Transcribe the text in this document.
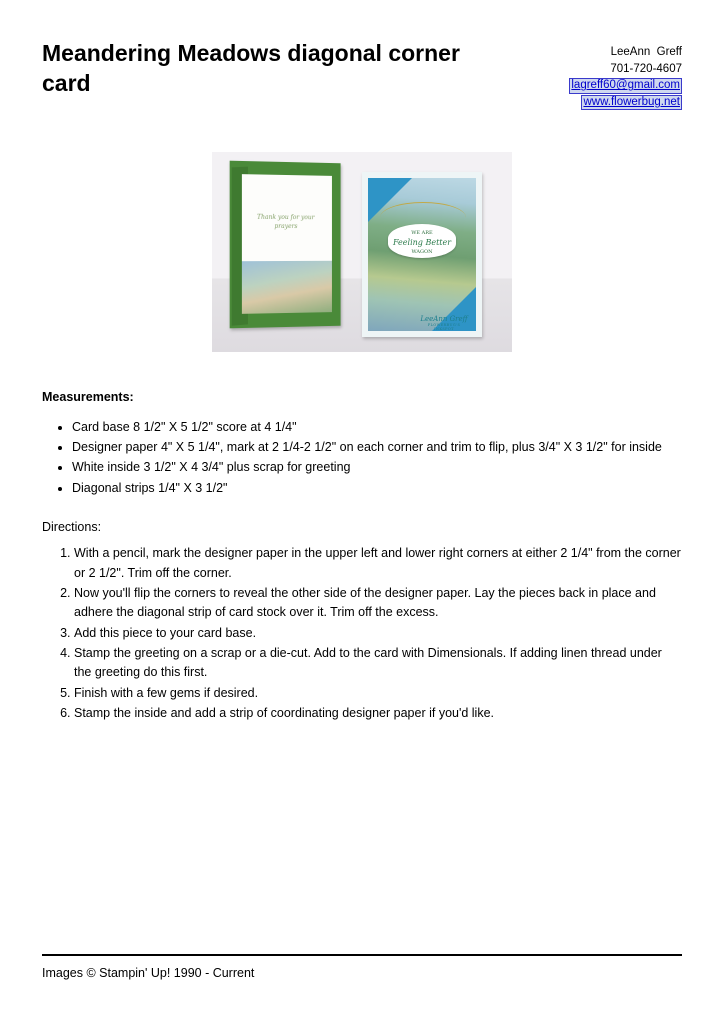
Meandering Meadows diagonal corner card
LeeAnn  Greff
701-720-4607
lagreff60@gmail.com
www.flowerbug.net
Thank you for your prayers
WE ARE
Feeling Better
WAGON
LeeAnn Greff
FLOWERBUG'S INKSPOT
Measurements:
• Card base 8 1/2" X 5 1/2" score at 4 1/4"
• Designer paper 4" X 5 1/4", mark at 2 1/4-2 1/2" on each corner and trim to flip, plus 3/4" X 3 1/2" for inside
• White inside 3 1/2" X 4 3/4" plus scrap for greeting
• Diagonal strips 1/4" X 3 1/2"
Directions:
1. With a pencil, mark the designer paper in the upper left and lower right corners at either 2 1/4" from the corner or 2 1/2". Trim off the corner.
2. Now you'll flip the corners to reveal the other side of the designer paper. Lay the pieces back in place and adhere the diagonal strip of card stock over it. Trim off the excess.
3. Add this piece to your card base.
4. Stamp the greeting on a scrap or a die-cut. Add to the card with Dimensionals. If adding linen thread under the greeting do this first.
5. Finish with a few gems if desired.
6. Stamp the inside and add a strip of coordinating designer paper if you'd like.
Images © Stampin' Up! 1990 - Current
